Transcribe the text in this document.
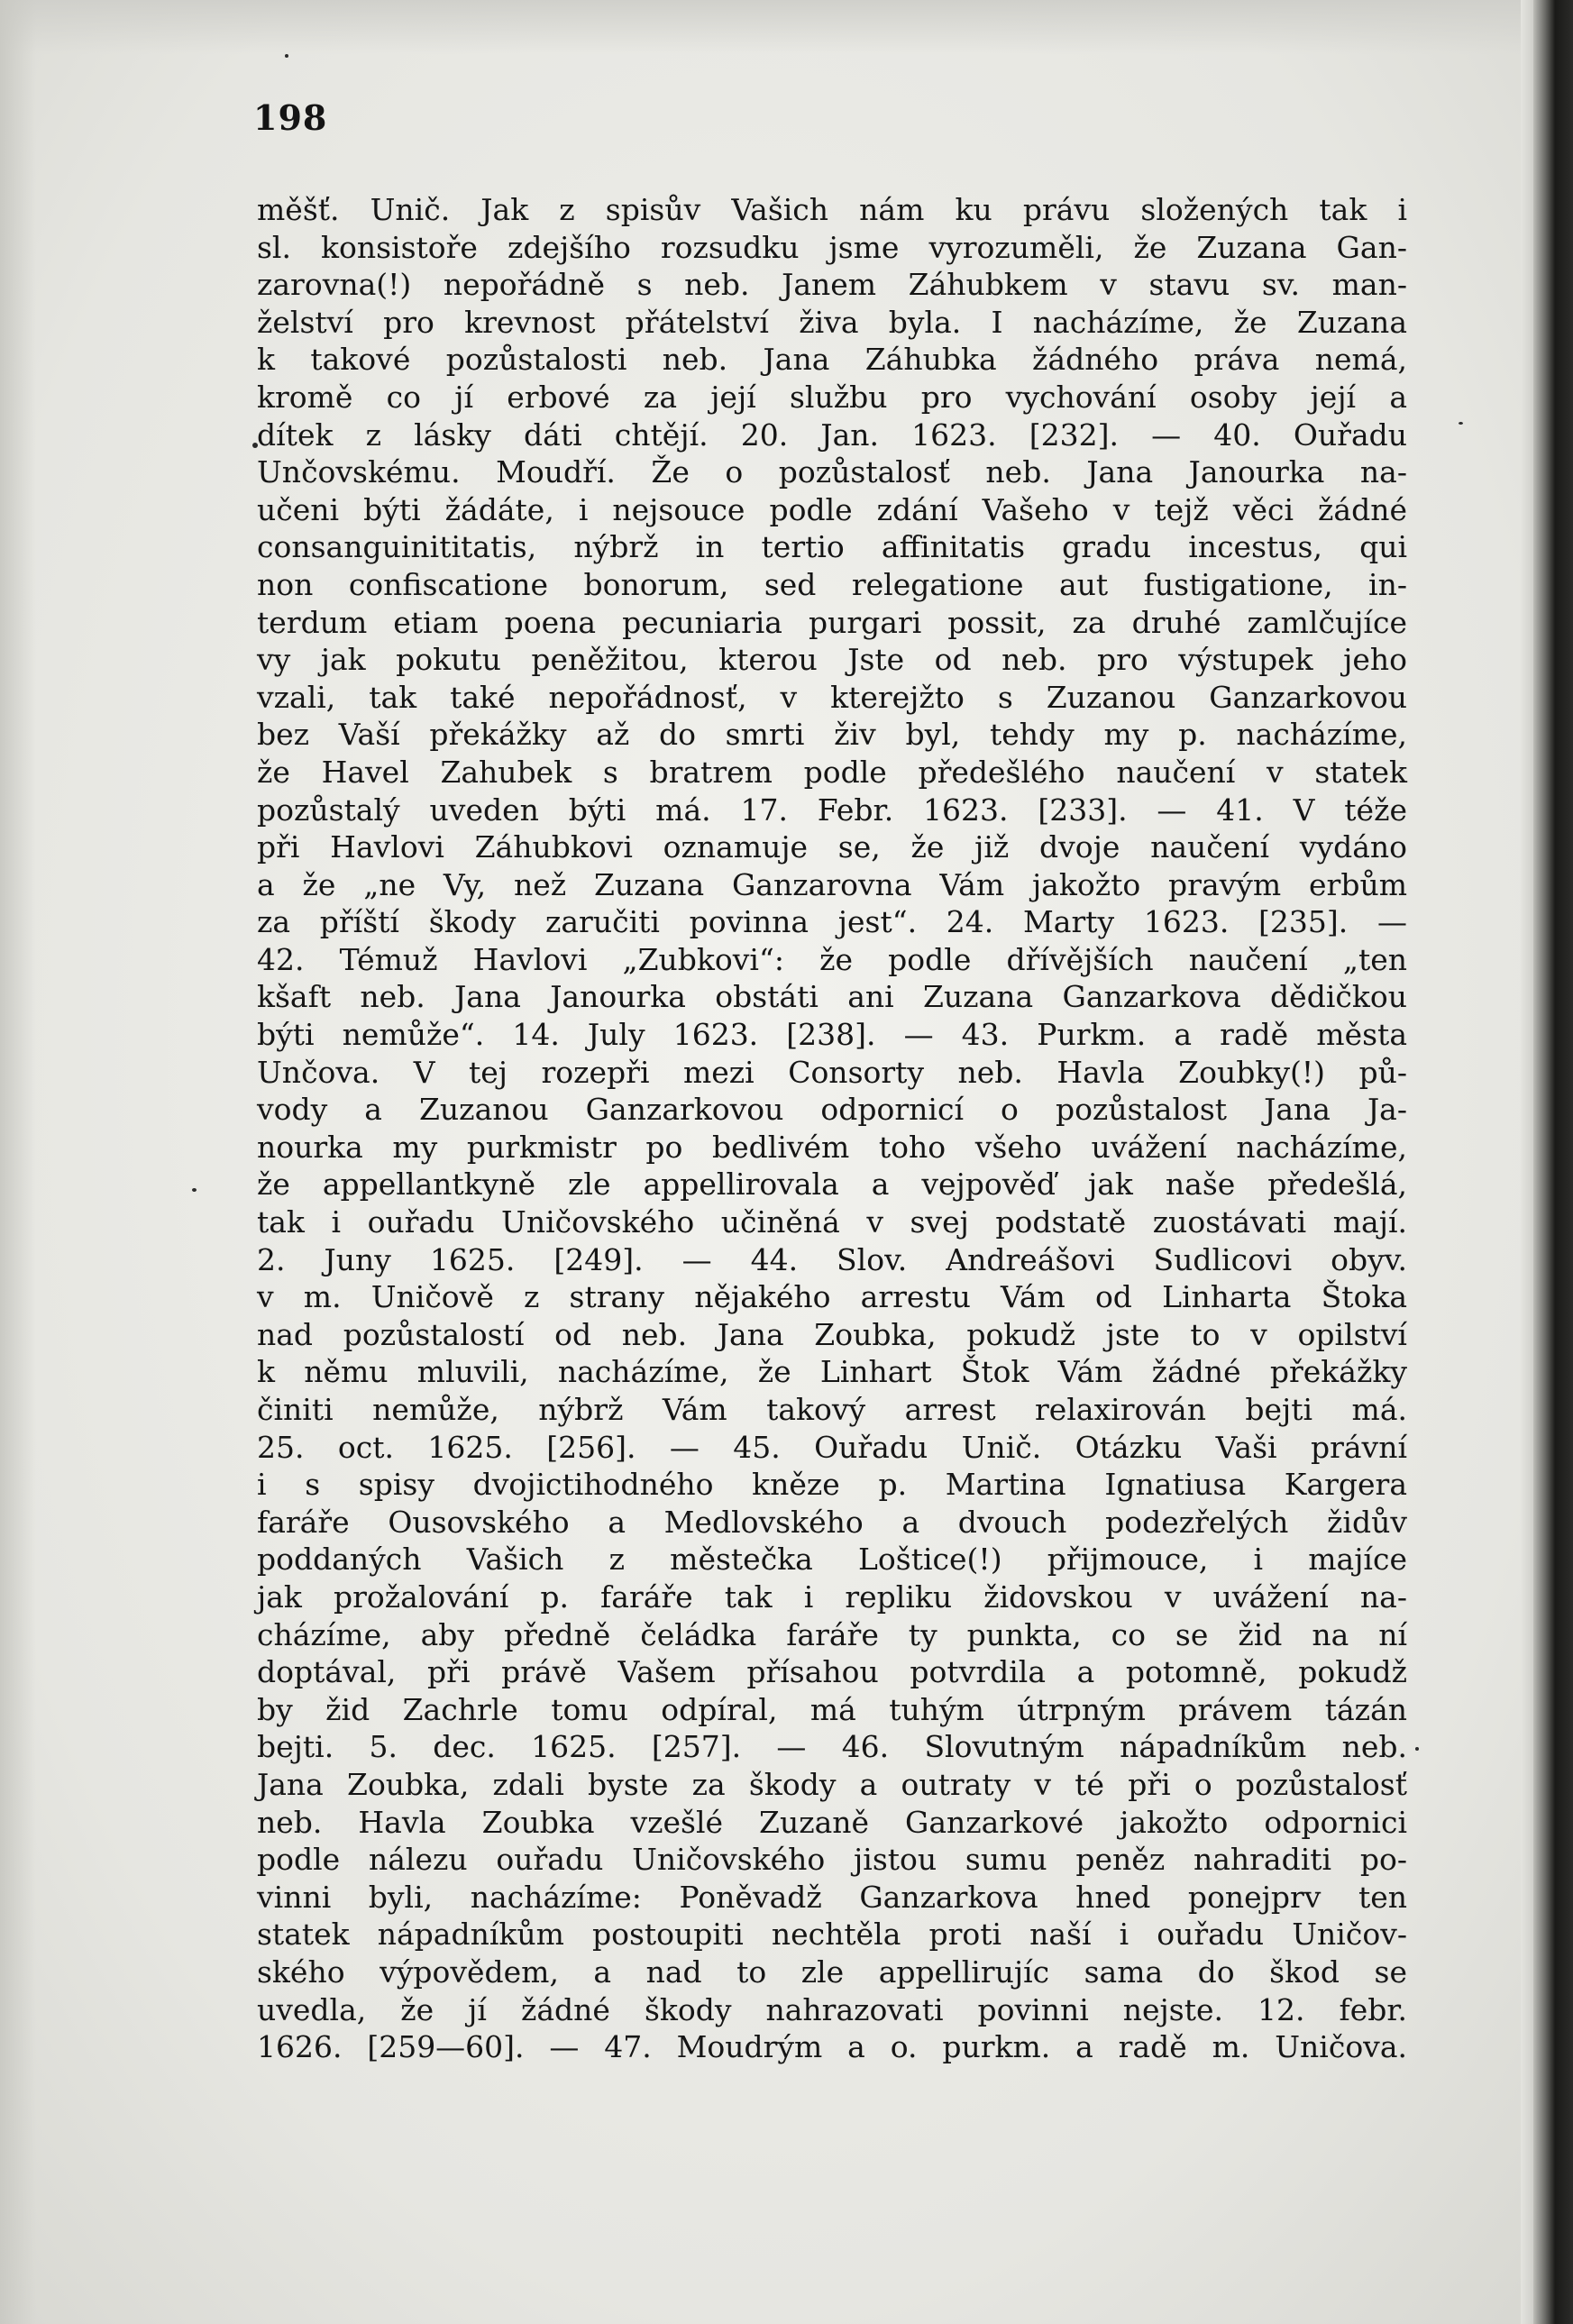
198
měšť. Unič. Jak z spisův Vašich nám ku právu složených tak i
sl. konsistoře zdejšího rozsudku jsme vyrozuměli, že Zuzana Gan-
zarovna(!) nepořádně s neb. Janem Záhubkem v stavu sv. man-
želství pro krevnost přátelství živa byla. I nacházíme, že Zuzana
k takové pozůstalosti neb. Jana Záhubka žádného práva nemá,
kromě co jí erbové za její službu pro vychování osoby její a
dítek z lásky dáti chtějí. 20. Jan. 1623. [232]. — 40. Ouřadu
Unčovskému. Moudří. Že o pozůstalosť neb. Jana Janourka na-
učeni býti žádáte, i nejsouce podle zdání Vašeho v tejž věci žádné
consanguinititatis, nýbrž in tertio affinitatis gradu incestus, qui
non confiscatione bonorum, sed relegatione aut fustigatione, in-
terdum etiam poena pecuniaria purgari possit, za druhé zamlčujíce
vy jak pokutu peněžitou, kterou Jste od neb. pro výstupek jeho
vzali, tak také nepořádnosť, v kterejžto s Zuzanou Ganzarkovou
bez Vaší překážky až do smrti živ byl, tehdy my p. nacházíme,
že Havel Zahubek s bratrem podle předešlého naučení v statek
pozůstalý uveden býti má. 17. Febr. 1623. [233]. — 41. V téže
při Havlovi Záhubkovi oznamuje se, že již dvoje naučení vydáno
a že „ne Vy, než Zuzana Ganzarovna Vám jakožto pravým erbům
za příští škody zaručiti povinna jest“. 24. Marty 1623. [235]. —
42. Témuž Havlovi „Zubkovi“: že podle dřívějších naučení „ten
kšaft neb. Jana Janourka obstáti ani Zuzana Ganzarkova dědičkou
býti nemůže“. 14. July 1623. [238]. — 43. Purkm. a radě města
Unčova. V tej rozepři mezi Consorty neb. Havla Zoubky(!) pů-
vody a Zuzanou Ganzarkovou odpornicí o pozůstalost Jana Ja-
nourka my purkmistr po bedlivém toho všeho uvážení nacházíme,
že appellantkyně zle appellirovala a vejpověď jak naše předešlá,
tak i ouřadu Uničovského učiněná v svej podstatě zuostávati mají.
2. Juny 1625. [249]. — 44. Slov. Andreášovi Sudlicovi obyv.
v m. Uničově z strany nějakého arrestu Vám od Linharta Štoka
nad pozůstalostí od neb. Jana Zoubka, pokudž jste to v opilství
k němu mluvili, nacházíme, že Linhart Štok Vám žádné překážky
činiti nemůže, nýbrž Vám takový arrest relaxirován bejti má.
25. oct. 1625. [256]. — 45. Ouřadu Unič. Otázku Vaši právní
i s spisy dvojictihodného kněze p. Martina Ignatiusa Kargera
faráře Ousovského a Medlovského a dvouch podezřelých židův
poddaných Vašich z městečka Loštice(!) přijmouce, i majíce
jak prožalování p. faráře tak i repliku židovskou v uvážení na-
cházíme, aby předně čeládka faráře ty punkta, co se žid na ní
doptával, při právě Vašem přísahou potvrdila a potomně, pokudž
by žid Zachrle tomu odpíral, má tuhým útrpným právem tázán
bejti. 5. dec. 1625. [257]. — 46. Slovutným nápadníkům neb.
Jana Zoubka, zdali byste za škody a outraty v té při o pozůstalosť
neb. Havla Zoubka vzešlé Zuzaně Ganzarkové jakožto odpornici
podle nálezu ouřadu Uničovského jistou sumu peněz nahraditi po-
vinni byli, nacházíme: Poněvadž Ganzarkova hned ponejprv ten
statek nápadníkům postoupiti nechtěla proti naší i ouřadu Uničov-
ského výpovědem, a nad to zle appellirujíc sama do škod se
uvedla, že jí žádné škody nahrazovati povinni nejste. 12. febr.
1626. [259—60]. — 47. Moudrým a o. purkm. a radě m. Uničova.
